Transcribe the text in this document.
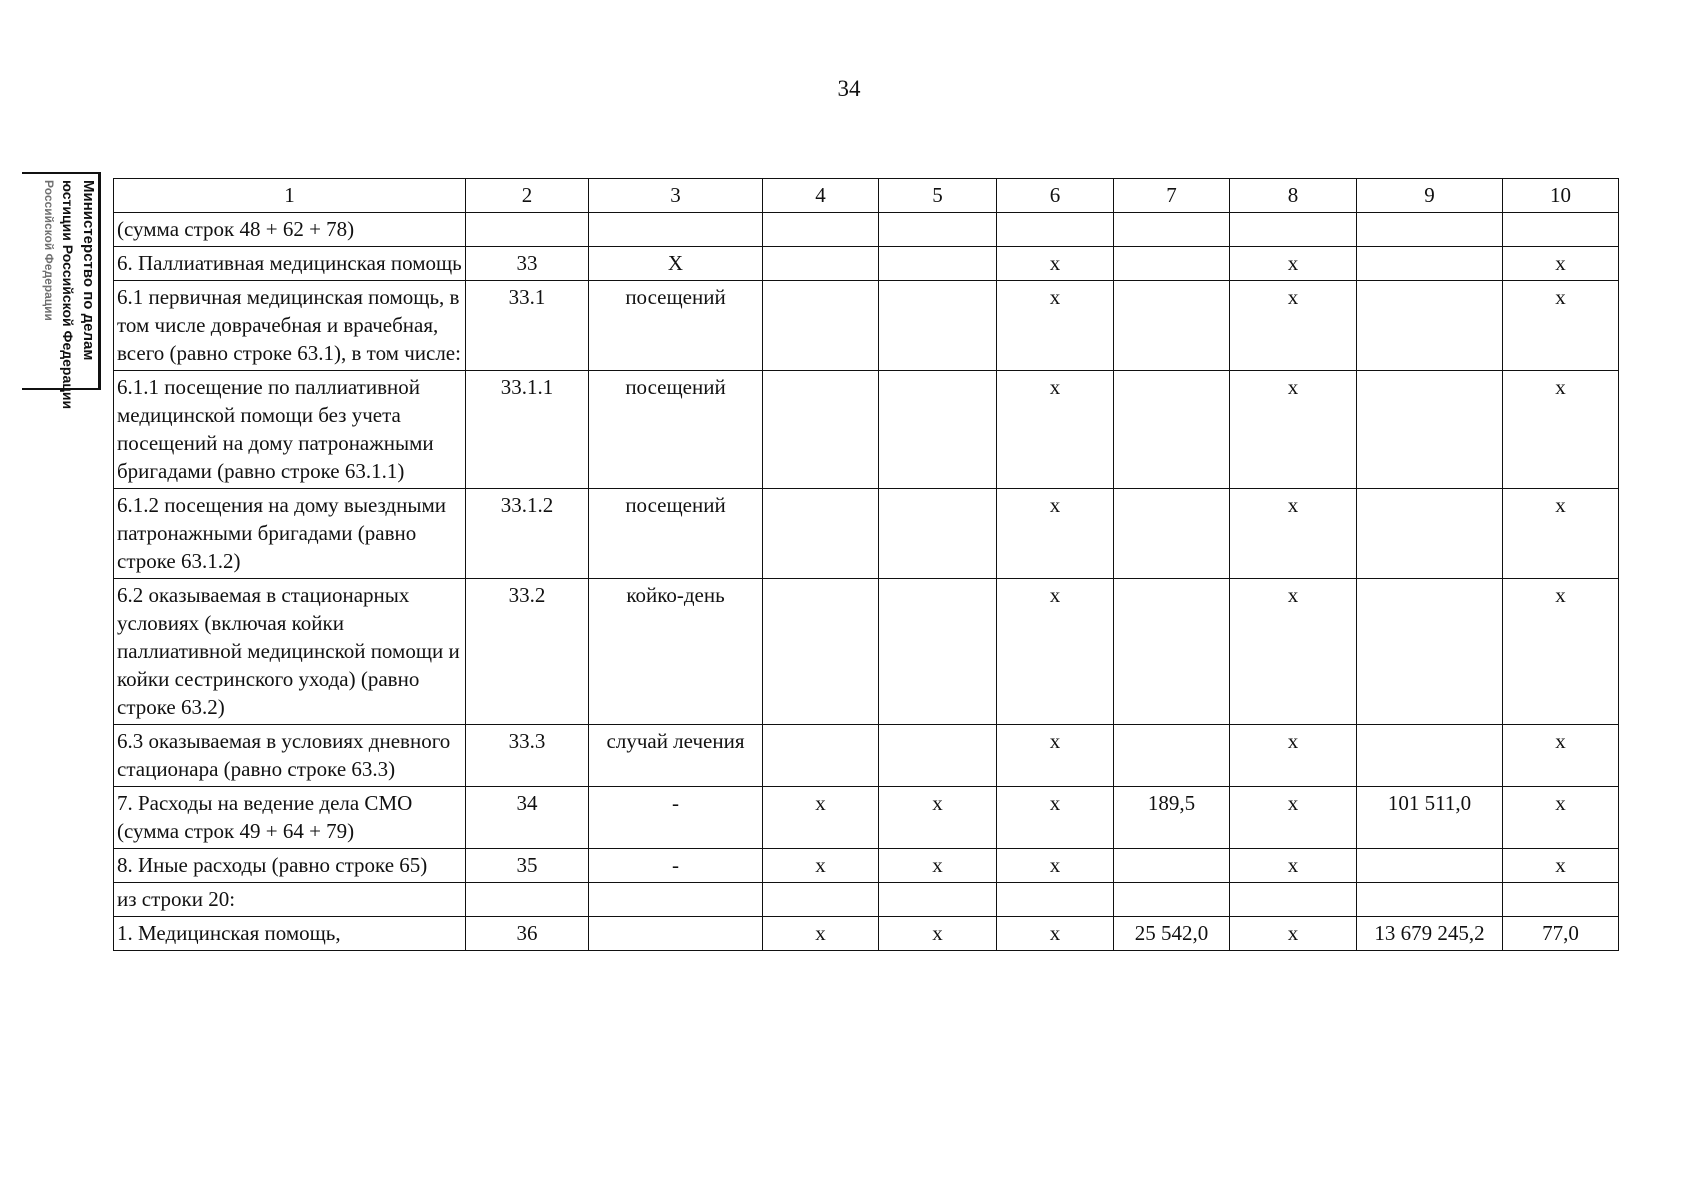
34
Министерство по делам
юстиции Российской Федерации
Российской Федерации	1	2	3	4	5	6	7	8	9	10
(сумма строк 48 + 62 + 78)									
6. Паллиативная медицинская помощь	33	X			x		x		x
6.1 первичная медицинская помощь, в том числе доврачебная и врачебная, всего (равно строке 63.1), в том числе:	33.1	посещений			x		x		x
6.1.1 посещение по паллиативной медицинской помощи без учета посещений на дому патронажными бригадами (равно строке 63.1.1)	33.1.1	посещений			x		x		x
6.1.2 посещения на дому выездными патронажными бригадами (равно строке 63.1.2)	33.1.2	посещений			x		x		x
6.2 оказываемая в стационарных условиях (включая койки паллиативной медицинской помощи и койки сестринского ухода) (равно строке 63.2)	33.2	койко-день			x		x		x
6.3 оказываемая в условиях дневного стационара (равно строке 63.3)	33.3	случай лечения			x		x		x
7. Расходы на ведение дела СМО (сумма строк 49 + 64 + 79)	34	-	x	x	x	189,5	x	101 511,0	x
8. Иные расходы (равно строке 65)	35	-	x	x	x		x		x
из строки 20:									
1. Медицинская помощь,	36		x	x	x	25 542,0	x	13 679 245,2	77,0
